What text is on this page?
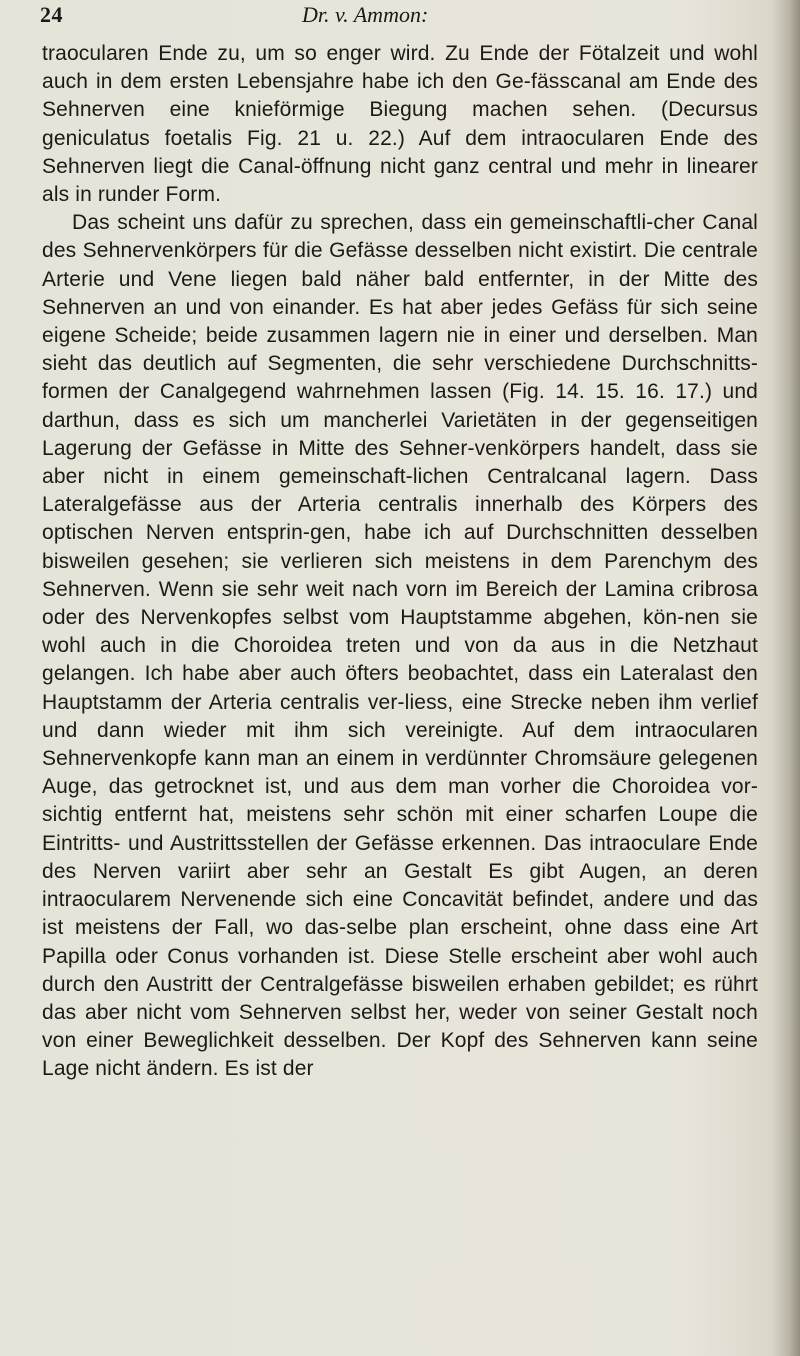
24	Dr. v. Ammon:

traocularen Ende zu, um so enger wird. Zu Ende der Fötalzeit und wohl auch in dem ersten Lebensjahre habe ich den Ge-fässcanal am Ende des Sehnerven eine knieförmige Biegung machen sehen. (Decursus geniculatus foetalis Fig. 21 u. 22.) Auf dem intraocularen Ende des Sehnerven liegt die Canal-öffnung nicht ganz central und mehr in linearer als in runder Form.

Das scheint uns dafür zu sprechen, dass ein gemeinschaftli-cher Canal des Sehnervenkörpers für die Gefässe desselben nicht existirt. Die centrale Arterie und Vene liegen bald näher bald entfernter, in der Mitte des Sehnerven an und von einander. Es hat aber jedes Gefäss für sich seine eigene Scheide; beide zusammen lagern nie in einer und derselben. Man sieht das deutlich auf Segmenten, die sehr verschiedene Durchschnitts-formen der Canalgegend wahrnehmen lassen (Fig. 14. 15. 16. 17.) und darthun, dass es sich um mancherlei Varietäten in der gegenseitigen Lagerung der Gefässe in Mitte des Sehner-venkörpers handelt, dass sie aber nicht in einem gemeinschaft-lichen Centralcanal lagern. Dass Lateralgefässe aus der Arteria centralis innerhalb des Körpers des optischen Nerven entsprin-gen, habe ich auf Durchschnitten desselben bisweilen gesehen; sie verlieren sich meistens in dem Parenchym des Sehnerven. Wenn sie sehr weit nach vorn im Bereich der Lamina cribrosa oder des Nervenkopfes selbst vom Hauptstamme abgehen, kön-nen sie wohl auch in die Choroidea treten und von da aus in die Netzhaut gelangen. Ich habe aber auch öfters beobachtet, dass ein Lateralast den Hauptstamm der Arteria centralis ver-liess, eine Strecke neben ihm verlief und dann wieder mit ihm sich vereinigte. Auf dem intraocularen Sehnervenkopfe kann man an einem in verdünnter Chromsäure gelegenen Auge, das getrocknet ist, und aus dem man vorher die Choroidea vor-sichtig entfernt hat, meistens sehr schön mit einer scharfen Loupe die Eintritts- und Austrittsstellen der Gefässe erkennen. Das intraoculare Ende des Nerven variirt aber sehr an Gestalt Es gibt Augen, an deren intraocularem Nervenende sich eine Concavität befindet, andere und das ist meistens der Fall, wo das-selbe plan erscheint, ohne dass eine Art Papilla oder Conus vorhanden ist. Diese Stelle erscheint aber wohl auch durch den Austritt der Centralgefässe bisweilen erhaben gebildet; es rührt das aber nicht vom Sehnerven selbst her, weder von seiner Gestalt noch von einer Beweglichkeit desselben. Der Kopf des Sehnerven kann seine Lage nicht ändern. Es ist der
